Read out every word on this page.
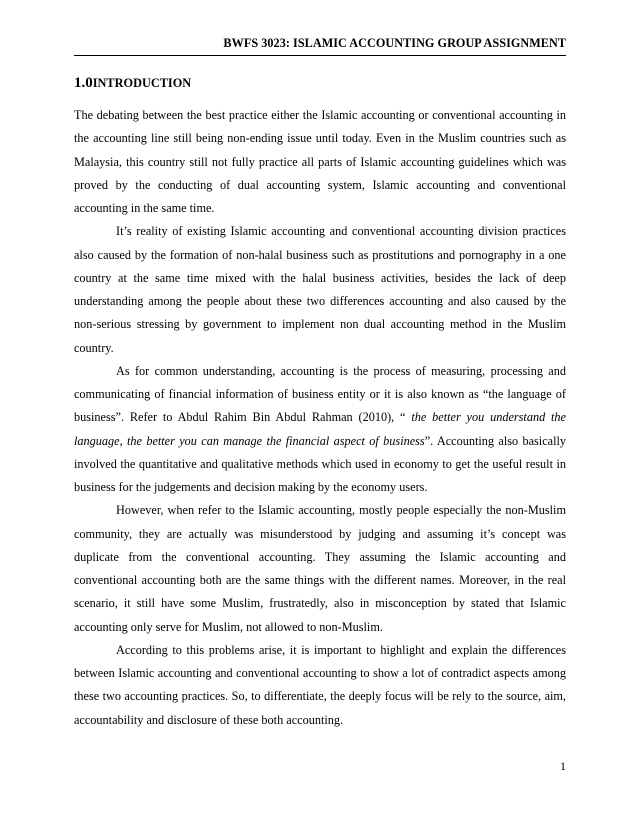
BWFS 3023: ISLAMIC ACCOUNTING GROUP ASSIGNMENT
1.0INTRODUCTION

The debating between the best practice either the Islamic accounting or conventional accounting in the accounting line still being non-ending issue until today. Even in the Muslim countries such as Malaysia, this country still not fully practice all parts of Islamic accounting guidelines which was proved by the conducting of dual accounting system, Islamic accounting and conventional accounting in the same time.

It’s reality of existing Islamic accounting and conventional accounting division practices also caused by the formation of non-halal business such as prostitutions and pornography in a one country at the same time mixed with the halal business activities, besides the lack of deep understanding among the people about these two differences accounting and also caused by the non-serious stressing by government to implement non dual accounting method in the Muslim country.

As for common understanding, accounting is the process of measuring, processing and communicating of financial information of business entity or it is also known as “the language of business”. Refer to Abdul Rahim Bin Abdul Rahman (2010), “ the better you understand the language, the better you can manage the financial aspect of business”. Accounting also basically involved the quantitative and qualitative methods which used in economy to get the useful result in business for the judgements and decision making by the economy users.

However, when refer to the Islamic accounting, mostly people especially the non-Muslim community, they are actually was misunderstood by judging and assuming it’s concept was duplicate from the conventional accounting. They assuming the Islamic accounting and conventional accounting both are the same things with the different names. Moreover, in the real scenario, it still have some Muslim, frustratedly, also in misconception by stated that Islamic accounting only serve for Muslim, not allowed to non-Muslim.

According to this problems arise, it is important to highlight and explain the differences between Islamic accounting and conventional accounting to show a lot of contradict aspects among these two accounting practices. So, to differentiate, the deeply focus will be rely to the source, aim, accountability and disclosure of these both accounting.

1
